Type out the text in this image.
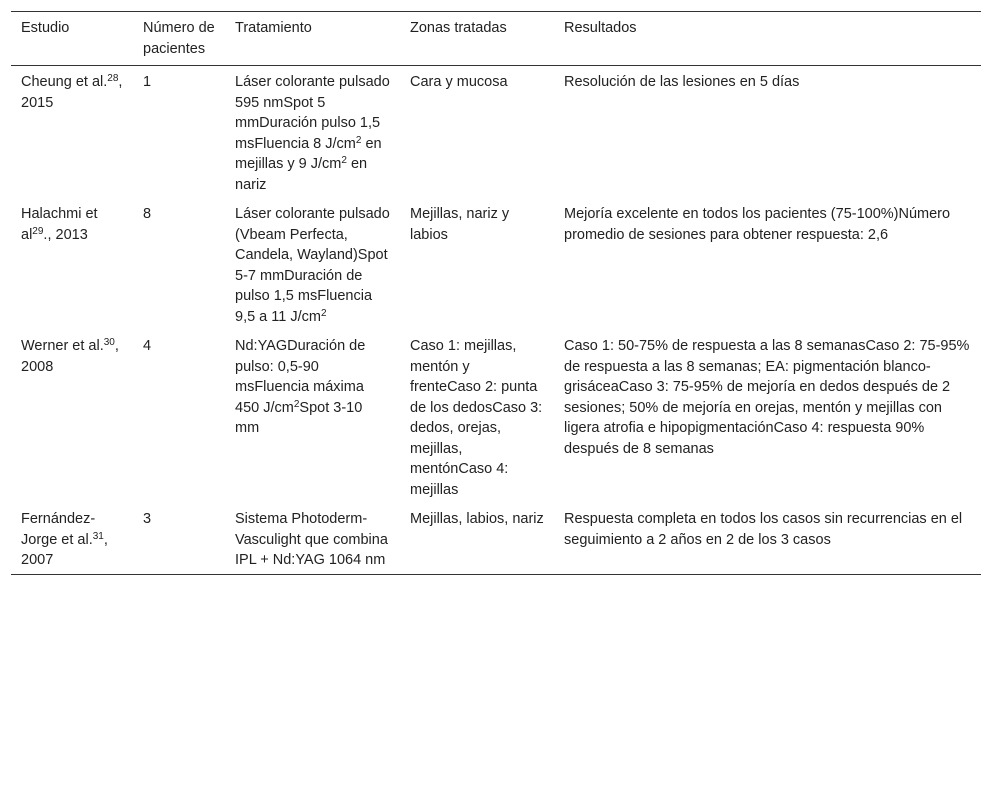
Estudio	Número de pacientes	Tratamiento	Zonas tratadas	Resultados
Cheung et al.$^{28}$, 2015	1	Láser colorante pulsado 595 nmSpot 5 mmDuración pulso 1,5 msFluencia 8 $J/cm^2$ en mejillas y 9 $J/cm^2$ en nariz	Cara y mucosa	Resolución de las lesiones en 5 días
Halachmi et $al^{29}$., 2013	8	Láser colorante pulsado (Vbeam Perfecta, Candela, Wayland)Spot 5-7 mmDuración de pulso 1,5 msFluencia 9,5 a 11 $J/cm^2$	Mejillas, nariz y labios	Mejoría excelente en todos los pacientes (75-100%)Número promedio de sesiones para obtener respuesta: 2,6
Werner et al.$^{30}$, 2008	4	Nd:YAGDuración de pulso: 0,5-90 msFluencia máxima 450 $J/cm^2Spot$ 3-10 mm	Caso 1: mejillas, mentón y frenteCaso 2: punta de los dedosCaso 3: dedos, orejas, mejillas, mentónCaso 4: mejillas	Caso 1: 50-75% de respuesta a las 8 semanasCaso 2: 75-95% de respuesta a las 8 semanas; EA: pigmentación blanco-grisáceaCaso 3: 75-95% de mejoría en dedos después de 2 sesiones; 50% de mejoría en orejas, mentón y mejillas con ligera atrofia e hipopigmentaciónCaso 4: respuesta 90% después de 8 semanas
Fernández-Jorge et al.$^{31}$, 2007	3	Sistema Photoderm-Vasculight que combina IPL + Nd:YAG 1064 nm	Mejillas, labios, nariz	Respuesta completa en todos los casos sin recurrencias en el seguimiento a 2 años en 2 de los 3 casos
